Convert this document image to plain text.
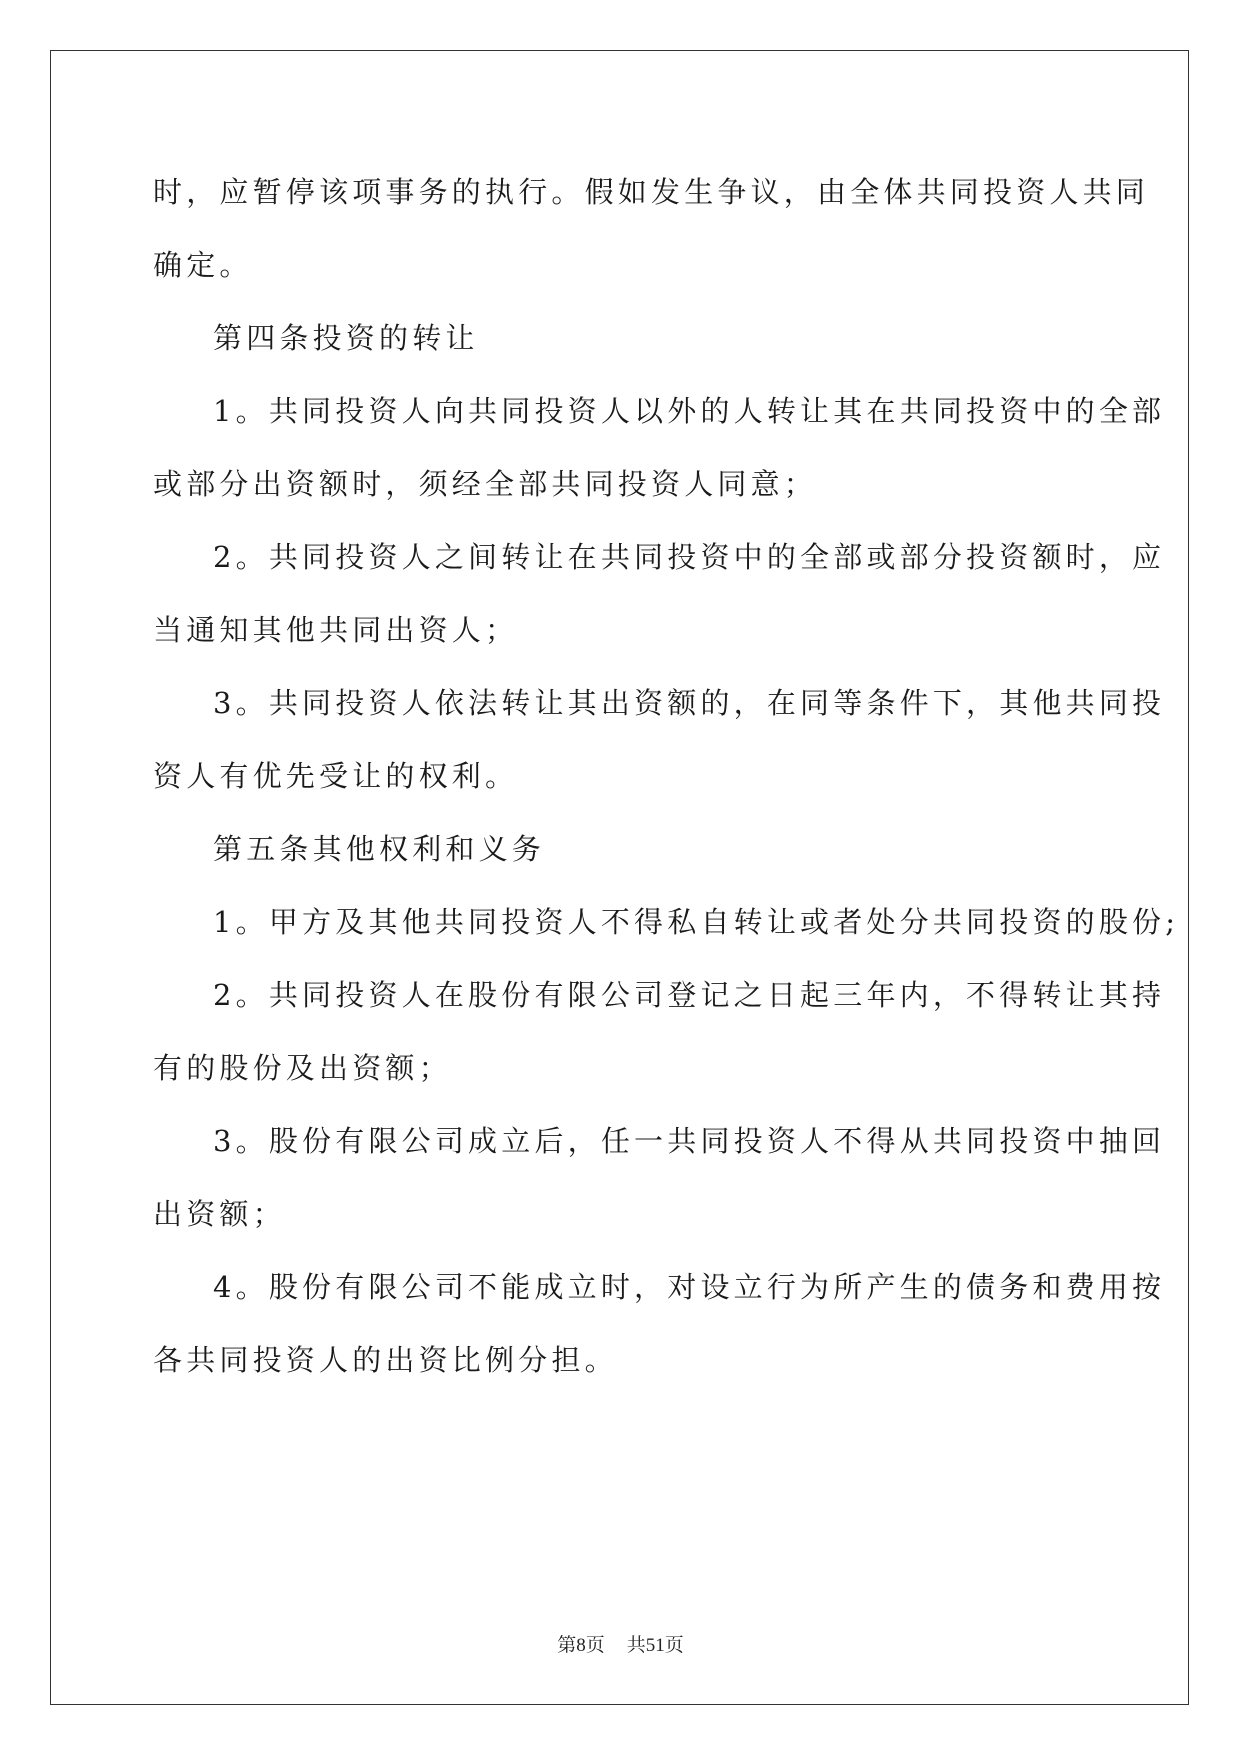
时，应暂停该项事务的执行。假如发生争议，由全体共同投资人共同
确定。
第四条投资的转让
1。共同投资人向共同投资人以外的人转让其在共同投资中的全部
或部分出资额时，须经全部共同投资人同意；
2。共同投资人之间转让在共同投资中的全部或部分投资额时，应
当通知其他共同出资人；
3。共同投资人依法转让其出资额的，在同等条件下，其他共同投
资人有优先受让的权利。
第五条其他权利和义务
1。甲方及其他共同投资人不得私自转让或者处分共同投资的股份;
2。共同投资人在股份有限公司登记之日起三年内，不得转让其持
有的股份及出资额；
3。股份有限公司成立后，任一共同投资人不得从共同投资中抽回
出资额；
4。股份有限公司不能成立时，对设立行为所产生的债务和费用按
各共同投资人的出资比例分担。
第8页 共51页
